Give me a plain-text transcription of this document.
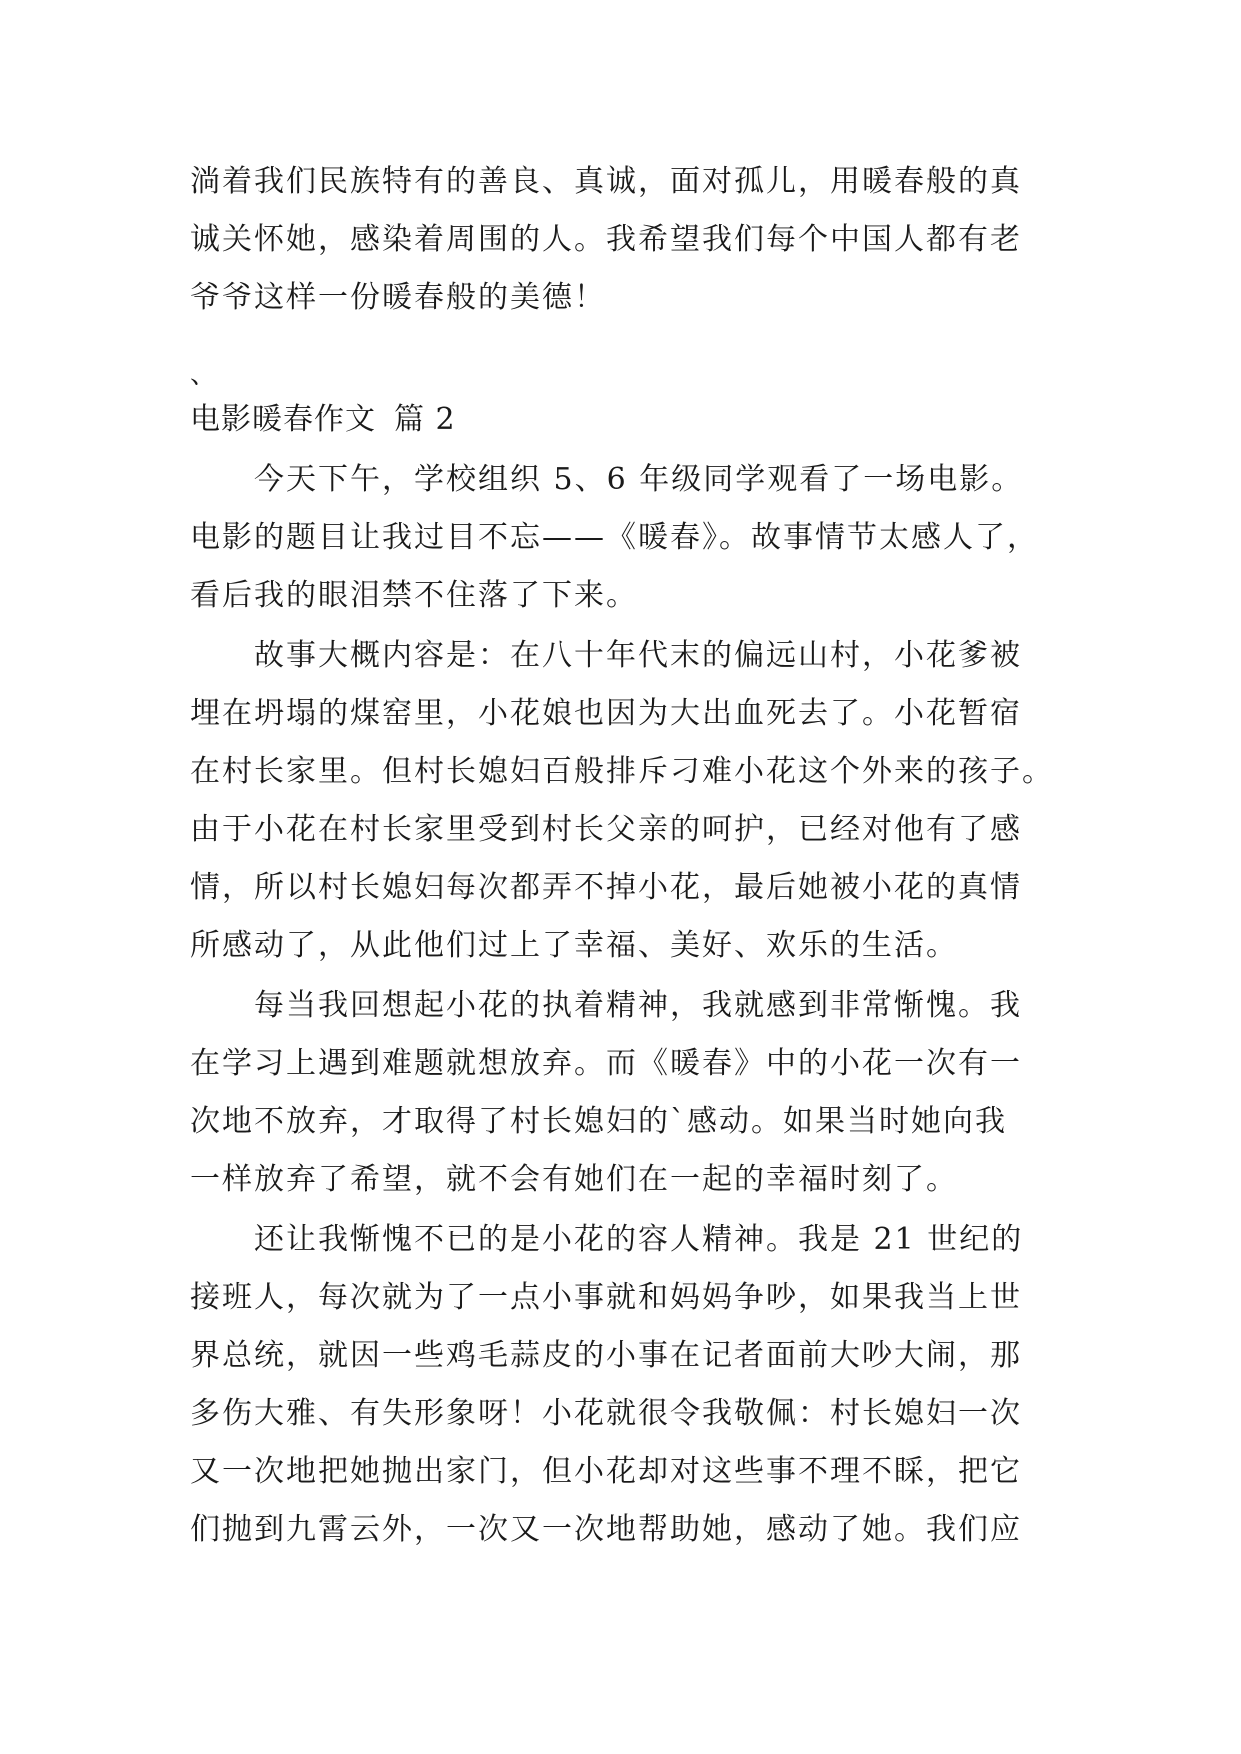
淌着我们民族特有的善良、真诚，面对孤儿，用暖春般的真
诚关怀她，感染着周围的人。我希望我们每个中国人都有老
爷爷这样一份暖春般的美德！
、
电影暖春作文 篇 2
今天下午，学校组织 5、6 年级同学观看了一场电影。
电影的题目让我过目不忘——《暖春》。故事情节太感人了，
看后我的眼泪禁不住落了下来。
故事大概内容是：在八十年代末的偏远山村，小花爹被
埋在坍塌的煤窑里，小花娘也因为大出血死去了。小花暂宿
在村长家里。但村长媳妇百般排斥刁难小花这个外来的孩子。
由于小花在村长家里受到村长父亲的呵护，已经对他有了感
情，所以村长媳妇每次都弄不掉小花，最后她被小花的真情
所感动了，从此他们过上了幸福、美好、欢乐的生活。
每当我回想起小花的执着精神，我就感到非常惭愧。我
在学习上遇到难题就想放弃。而《暖春》中的小花一次有一
次地不放弃，才取得了村长媳妇的`感动。如果当时她向我
一样放弃了希望，就不会有她们在一起的幸福时刻了。
还让我惭愧不已的是小花的容人精神。我是 21 世纪的
接班人，每次就为了一点小事就和妈妈争吵，如果我当上世
界总统，就因一些鸡毛蒜皮的小事在记者面前大吵大闹，那
多伤大雅、有失形象呀！小花就很令我敬佩：村长媳妇一次
又一次地把她抛出家门，但小花却对这些事不理不睬，把它
们抛到九霄云外，一次又一次地帮助她，感动了她。我们应
